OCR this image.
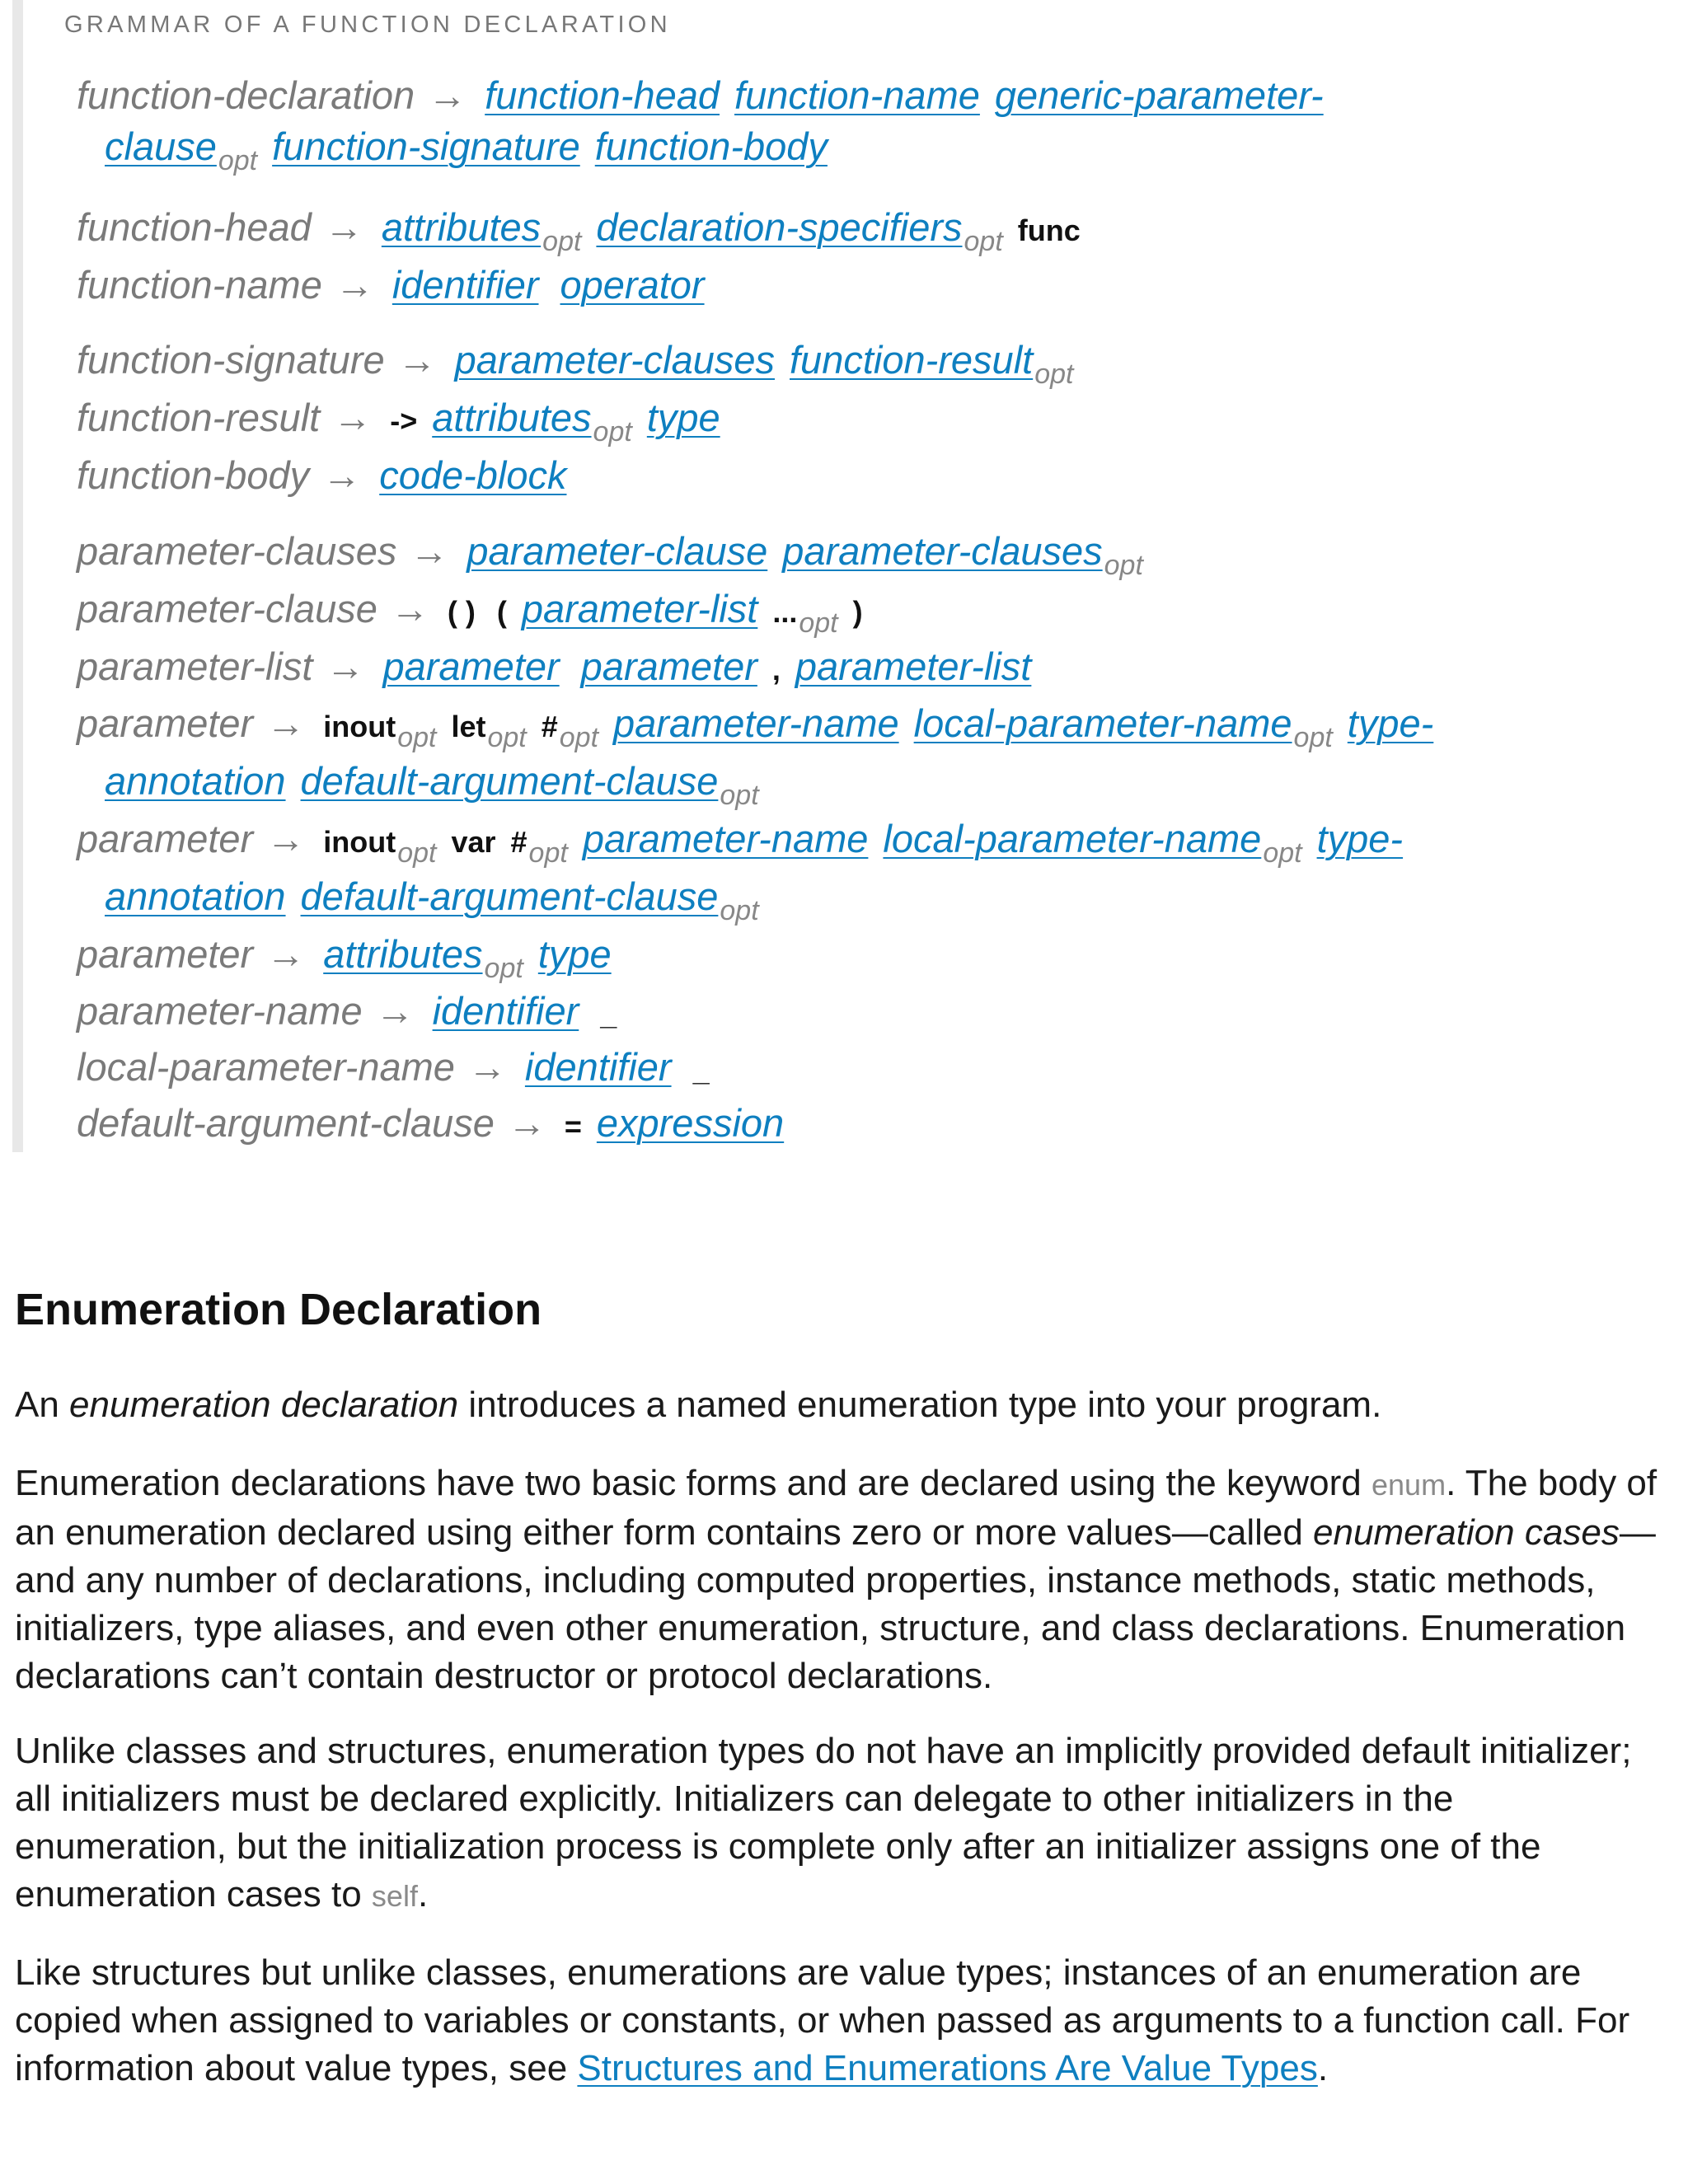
GRAMMAR OF A FUNCTION DECLARATION
function-declaration → function-head function-name generic-parameter-
clause$_{opt}$ function-signature function-body
function-head → attributes$_{opt}$ declaration-specifiers$_{opt}$ func
function-name → identifier operator
function-signature → parameter-clauses function-result$_{opt}$
function-result → -> attributes$_{opt}$ type
function-body → code-block
parameter-clauses → parameter-clause parameter-clauses$_{opt}$
parameter-clause → ( ) ( parameter-list $..._{opt}$ )
parameter-list → parameter parameter , parameter-list
parameter → inout$_{opt}$ let$_{opt}$ $\#_{opt}$ parameter-name local-parameter-name$_{opt}$ type-
annotation default-argument-clause$_{opt}$
parameter → inout$_{opt}$ var $\#_{opt}$ parameter-name local-parameter-name$_{opt}$ type-
annotation default-argument-clause$_{opt}$
parameter → attributes$_{opt}$ type
parameter-name → identifier _
local-parameter-name → identifier _
default-argument-clause → = expression
Enumeration Declaration

An enumeration declaration introduces a named enumeration type into your program.

Enumeration declarations have two basic forms and are declared using the keyword enum. The body of an enumeration declared using either form contains zero or more values—called enumeration cases—and any number of declarations, including computed properties, instance methods, static methods, initializers, type aliases, and even other enumeration, structure, and class declarations. Enumeration declarations can’t contain destructor or protocol declarations.

Unlike classes and structures, enumeration types do not have an implicitly provided default initializer; all initializers must be declared explicitly. Initializers can delegate to other initializers in the enumeration, but the initialization process is complete only after an initializer assigns one of the enumeration cases to self.

Like structures but unlike classes, enumerations are value types; instances of an enumeration are copied when assigned to variables or constants, or when passed as arguments to a function call. For information about value types, see Structures and Enumerations Are Value Types.
